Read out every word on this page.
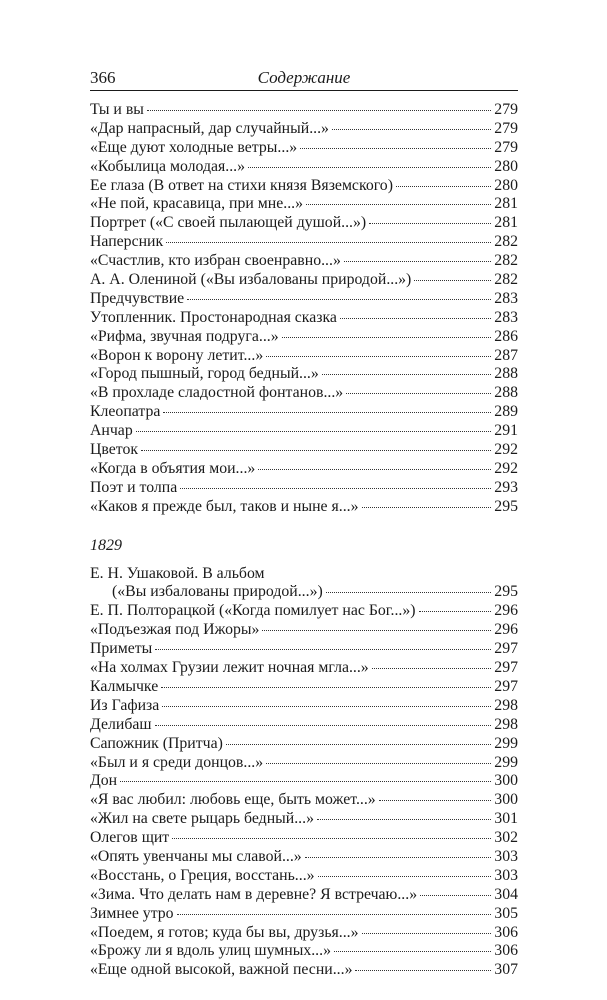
366	Содержание
Ты и вы	279
«Дар напрасный, дар случайный...»	279
«Еще дуют холодные ветры...»	279
«Кобылица молодая...»	280
Ее глаза (В ответ на стихи князя Вяземского)	280
«Не пой, красавица, при мне...»	281
Портрет («С своей пылающей душой...»)	281
Наперсник	282
«Счастлив, кто избран своенравно...»	282
А. А. Олениной («Вы избалованы природой...»)	282
Предчувствие	283
Утопленник. Простонародная сказка	283
«Рифма, звучная подруга...»	286
«Ворон к ворону летит...»	287
«Город пышный, город бедный...»	288
«В прохладе сладостной фонтанов...»	288
Клеопатра	289
Анчар	291
Цветок	292
«Когда в объятия мои...»	292
Поэт и толпа	293
«Каков я прежде был, таков и ныне я...»	295
1829
Е. Н. Ушаковой. В альбом
(«Вы избалованы природой...»)	295
Е. П. Полторацкой («Когда помилует нас Бог...»)	296
«Подъезжая под Ижоры»	296
Приметы	297
«На холмах Грузии лежит ночная мгла...»	297
Калмычке	297
Из Гафиза	298
Делибаш	298
Сапожник (Притча)	299
«Был и я среди донцов...»	299
Дон	300
«Я вас любил: любовь еще, быть может...»	300
«Жил на свете рыцарь бедный...»	301
Олегов щит	302
«Опять увенчаны мы славой...»	303
«Восстань, о Греция, восстань...»	303
«Зима. Что делать нам в деревне? Я встречаю...»	304
Зимнее утро	305
«Поедем, я готов; куда бы вы, друзья...»	306
«Брожу ли я вдоль улиц шумных...»	306
«Еще одной высокой, важной песни...»	307
